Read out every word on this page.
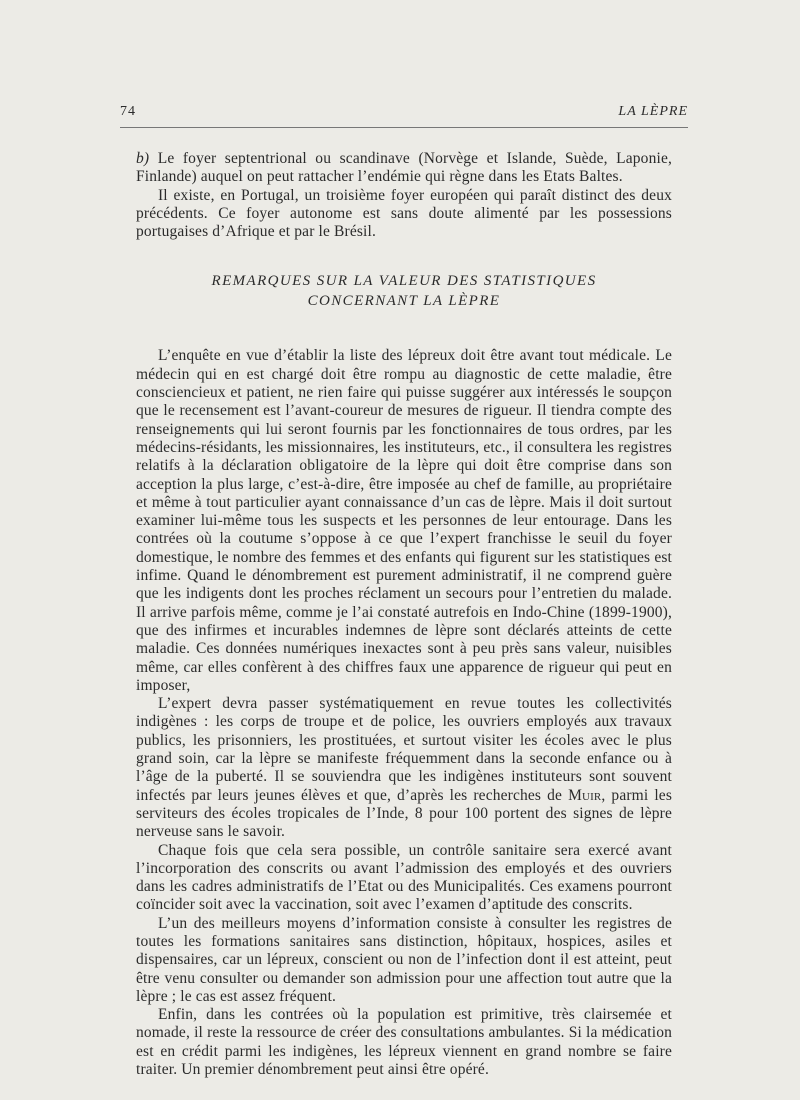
74	LA LÈPRE

b) Le foyer septentrional ou scandinave (Norvège et Islande, Suède, Laponie, Finlande) auquel on peut rattacher l’endémie qui règne dans les Etats Baltes.

Il existe, en Portugal, un troisième foyer européen qui paraît distinct des deux précédents. Ce foyer autonome est sans doute alimenté par les possessions portugaises d’Afrique et par le Brésil.

REMARQUES SUR LA VALEUR DES STATISTIQUES
CONCERNANT LA LÈPRE

L’enquête en vue d’établir la liste des lépreux doit être avant tout médicale. Le médecin qui en est chargé doit être rompu au diagnostic de cette maladie, être consciencieux et patient, ne rien faire qui puisse suggérer aux intéressés le soupçon que le recensement est l’avant-coureur de mesures de rigueur. Il tiendra compte des renseignements qui lui seront fournis par les fonctionnaires de tous ordres, par les médecins-résidants, les missionnaires, les instituteurs, etc., il consultera les registres relatifs à la déclaration obligatoire de la lèpre qui doit être comprise dans son acception la plus large, c’est-à-dire, être imposée au chef de famille, au propriétaire et même à tout particulier ayant connaissance d’un cas de lèpre. Mais il doit surtout examiner lui-même tous les suspects et les personnes de leur entourage. Dans les contrées où la coutume s’oppose à ce que l’expert franchisse le seuil du foyer domestique, le nombre des femmes et des enfants qui figurent sur les statistiques est infime. Quand le dénombrement est purement administratif, il ne comprend guère que les indigents dont les proches réclament un secours pour l’entretien du malade. Il arrive parfois même, comme je l’ai constaté autrefois en Indo-Chine (1899-1900), que des infirmes et incurables indemnes de lèpre sont déclarés atteints de cette maladie. Ces données numériques inexactes sont à peu près sans valeur, nuisibles même, car elles confèrent à des chiffres faux une apparence de rigueur qui peut en imposer,

L’expert devra passer systématiquement en revue toutes les collectivités indigènes : les corps de troupe et de police, les ouvriers employés aux travaux publics, les prisonniers, les prostituées, et surtout visiter les écoles avec le plus grand soin, car la lèpre se manifeste fréquemment dans la seconde enfance ou à l’âge de la puberté. Il se souviendra que les indigènes instituteurs sont souvent infectés par leurs jeunes élèves et que, d’après les recherches de Muir, parmi les serviteurs des écoles tropicales de l’Inde, 8 pour 100 portent des signes de lèpre nerveuse sans le savoir.

Chaque fois que cela sera possible, un contrôle sanitaire sera exercé avant l’incorporation des conscrits ou avant l’admission des employés et des ouvriers dans les cadres administratifs de l’Etat ou des Municipalités. Ces examens pourront coïncider soit avec la vaccination, soit avec l’examen d’aptitude des conscrits.

L’un des meilleurs moyens d’information consiste à consulter les registres de toutes les formations sanitaires sans distinction, hôpitaux, hospices, asiles et dispensaires, car un lépreux, conscient ou non de l’infection dont il est atteint, peut être venu consulter ou demander son admission pour une affection tout autre que la lèpre ; le cas est assez fréquent.

Enfin, dans les contrées où la population est primitive, très clairsemée et nomade, il reste la ressource de créer des consultations ambulantes. Si la médication est en crédit parmi les indigènes, les lépreux viennent en grand nombre se faire traiter. Un premier dénombrement peut ainsi être opéré.
